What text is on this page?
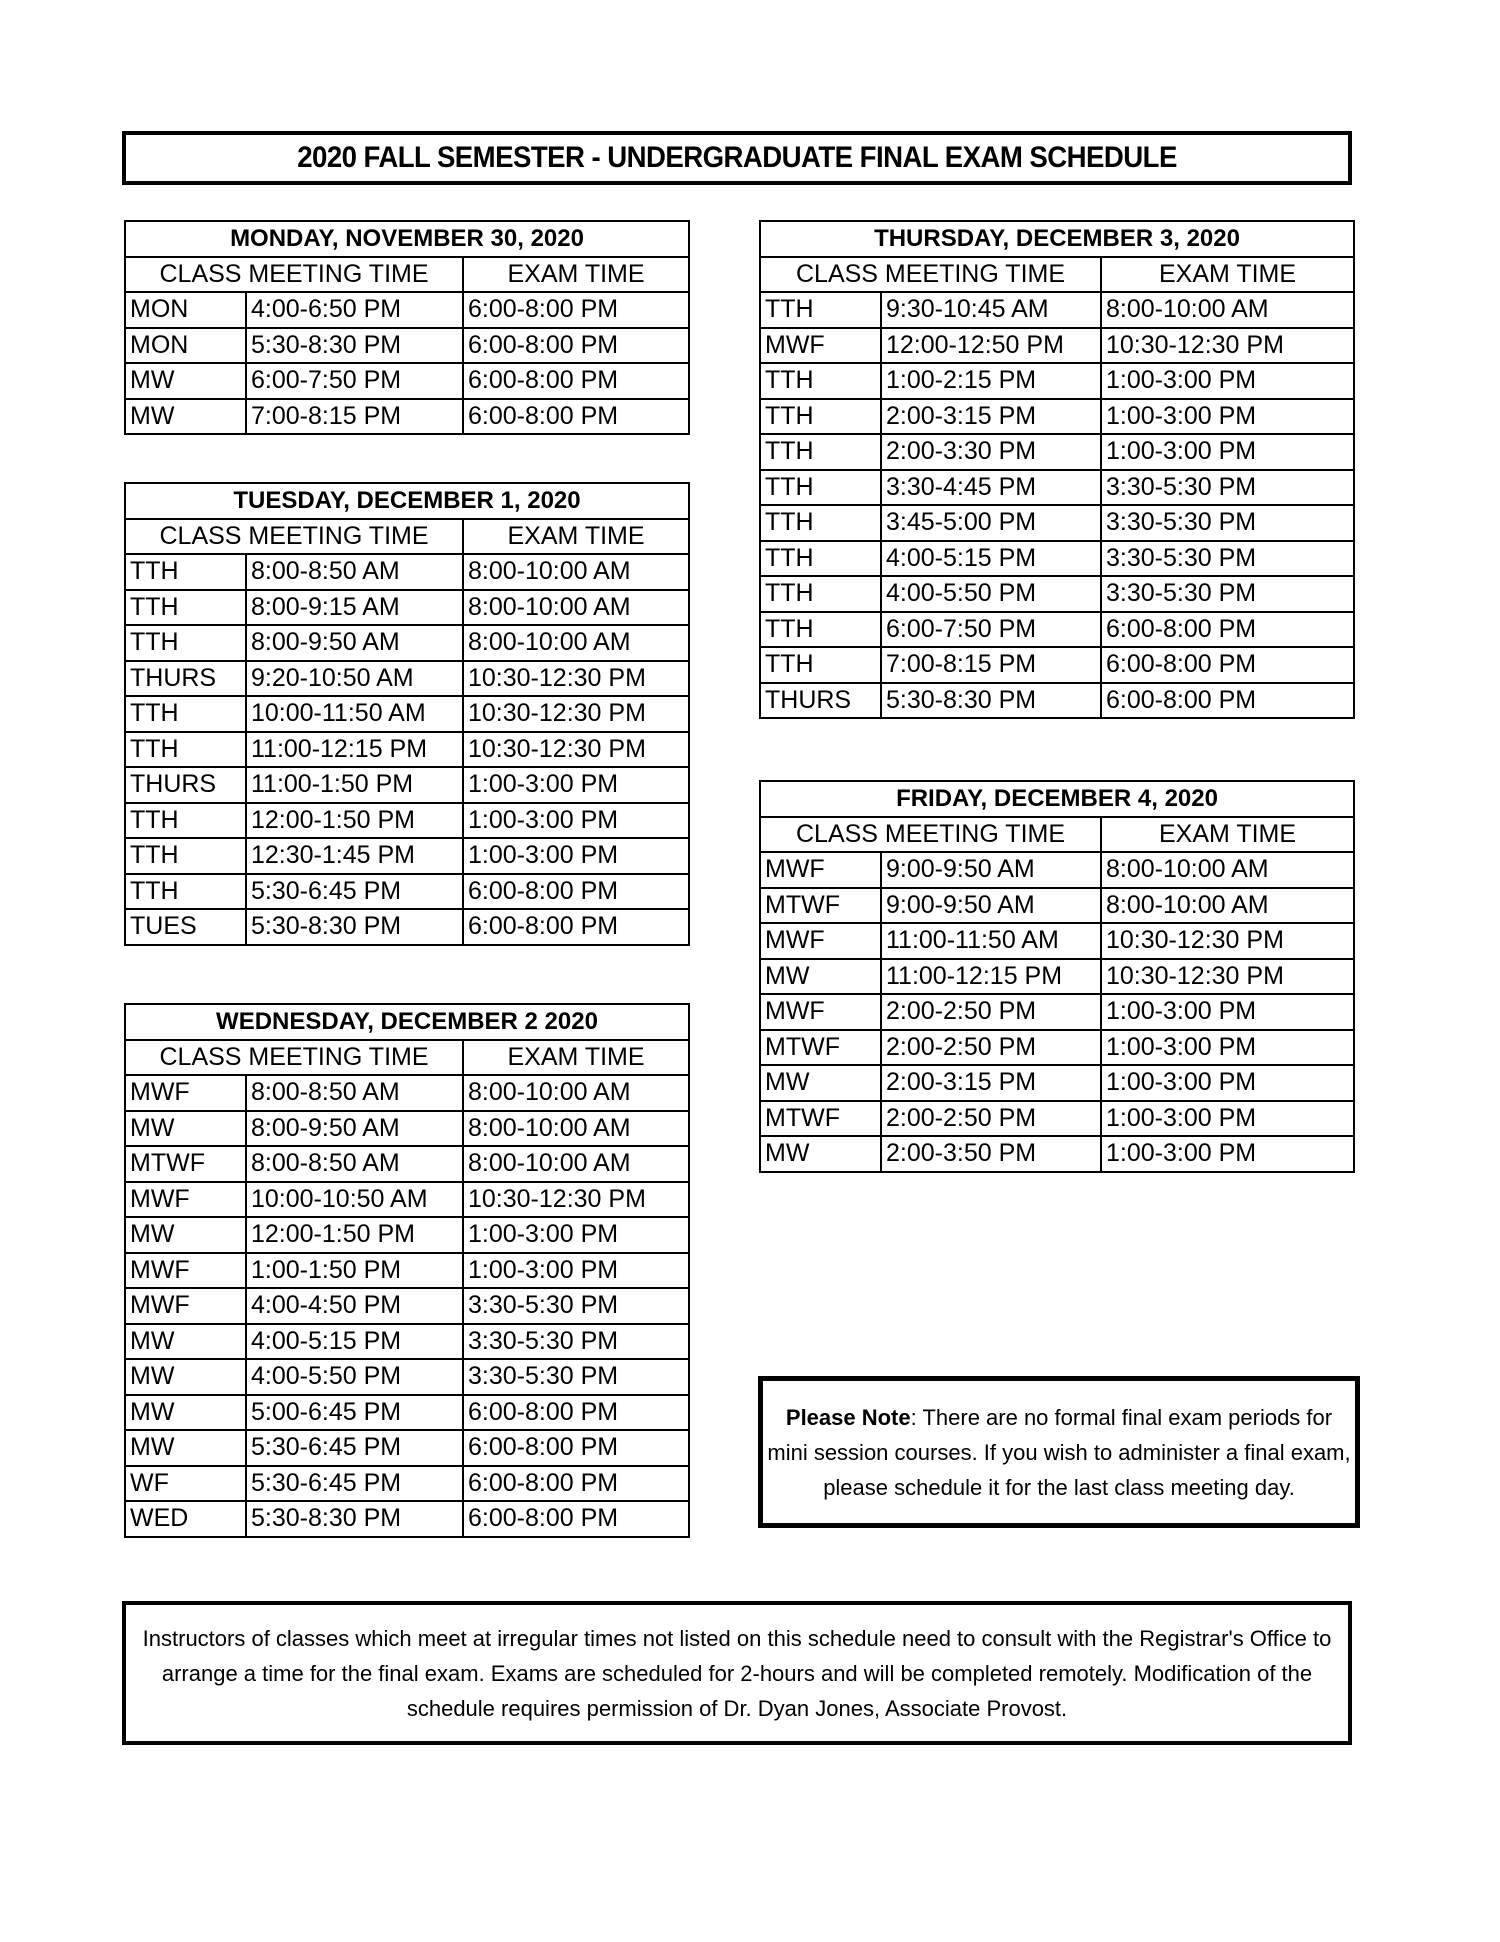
2020 FALL SEMESTER - UNDERGRADUATE FINAL EXAM SCHEDULE
MONDAY, NOVEMBER 30, 2020		
CLASS MEETING TIME		EXAM TIME
MON	4:00-6:50 PM	6:00-8:00 PM
MON	5:30-8:30 PM	6:00-8:00 PM
MW	6:00-7:50 PM	6:00-8:00 PM
MW	7:00-8:15 PM	6:00-8:00 PM
TUESDAY, DECEMBER 1, 2020		
CLASS MEETING TIME		EXAM TIME
TTH	8:00-8:50 AM	8:00-10:00 AM
TTH	8:00-9:15 AM	8:00-10:00 AM
TTH	8:00-9:50 AM	8:00-10:00 AM
THURS	9:20-10:50 AM	10:30-12:30 PM
TTH	10:00-11:50 AM	10:30-12:30 PM
TTH	11:00-12:15 PM	10:30-12:30 PM
THURS	11:00-1:50 PM	1:00-3:00 PM
TTH	12:00-1:50 PM	1:00-3:00 PM
TTH	12:30-1:45 PM	1:00-3:00 PM
TTH	5:30-6:45 PM	6:00-8:00 PM
TUES	5:30-8:30 PM	6:00-8:00 PM
WEDNESDAY, DECEMBER 2 2020		
CLASS MEETING TIME		EXAM TIME
MWF	8:00-8:50 AM	8:00-10:00 AM
MW	8:00-9:50 AM	8:00-10:00 AM
MTWF	8:00-8:50 AM	8:00-10:00 AM
MWF	10:00-10:50 AM	10:30-12:30 PM
MW	12:00-1:50 PM	1:00-3:00 PM
MWF	1:00-1:50 PM	1:00-3:00 PM
MWF	4:00-4:50 PM	3:30-5:30 PM
MW	4:00-5:15 PM	3:30-5:30 PM
MW	4:00-5:50 PM	3:30-5:30 PM
MW	5:00-6:45 PM	6:00-8:00 PM
MW	5:30-6:45 PM	6:00-8:00 PM
WF	5:30-6:45 PM	6:00-8:00 PM
WED	5:30-8:30 PM	6:00-8:00 PM
THURSDAY, DECEMBER 3, 2020		
CLASS MEETING TIME		EXAM TIME
TTH	9:30-10:45 AM	8:00-10:00 AM
MWF	12:00-12:50 PM	10:30-12:30 PM
TTH	1:00-2:15 PM	1:00-3:00 PM
TTH	2:00-3:15 PM	1:00-3:00 PM
TTH	2:00-3:30 PM	1:00-3:00 PM
TTH	3:30-4:45 PM	3:30-5:30 PM
TTH	3:45-5:00 PM	3:30-5:30 PM
TTH	4:00-5:15 PM	3:30-5:30 PM
TTH	4:00-5:50 PM	3:30-5:30 PM
TTH	6:00-7:50 PM	6:00-8:00 PM
TTH	7:00-8:15 PM	6:00-8:00 PM
THURS	5:30-8:30 PM	6:00-8:00 PM
FRIDAY, DECEMBER 4, 2020		
CLASS MEETING TIME		EXAM TIME
MWF	9:00-9:50 AM	8:00-10:00 AM
MTWF	9:00-9:50 AM	8:00-10:00 AM
MWF	11:00-11:50 AM	10:30-12:30 PM
MW	11:00-12:15 PM	10:30-12:30 PM
MWF	2:00-2:50 PM	1:00-3:00 PM
MTWF	2:00-2:50 PM	1:00-3:00 PM
MW	2:00-3:15 PM	1:00-3:00 PM
MTWF	2:00-2:50 PM	1:00-3:00 PM
MW	2:00-3:50 PM	1:00-3:00 PM

Please Note: There are no formal final exam periods for mini session courses. If you wish to administer a final exam, please schedule it for the last class meeting day.

Instructors of classes which meet at irregular times not listed on this schedule need to consult with the Registrar's Office to arrange a time for the final exam. Exams are scheduled for 2-hours and will be completed remotely. Modification of the schedule requires permission of Dr. Dyan Jones, Associate Provost.
